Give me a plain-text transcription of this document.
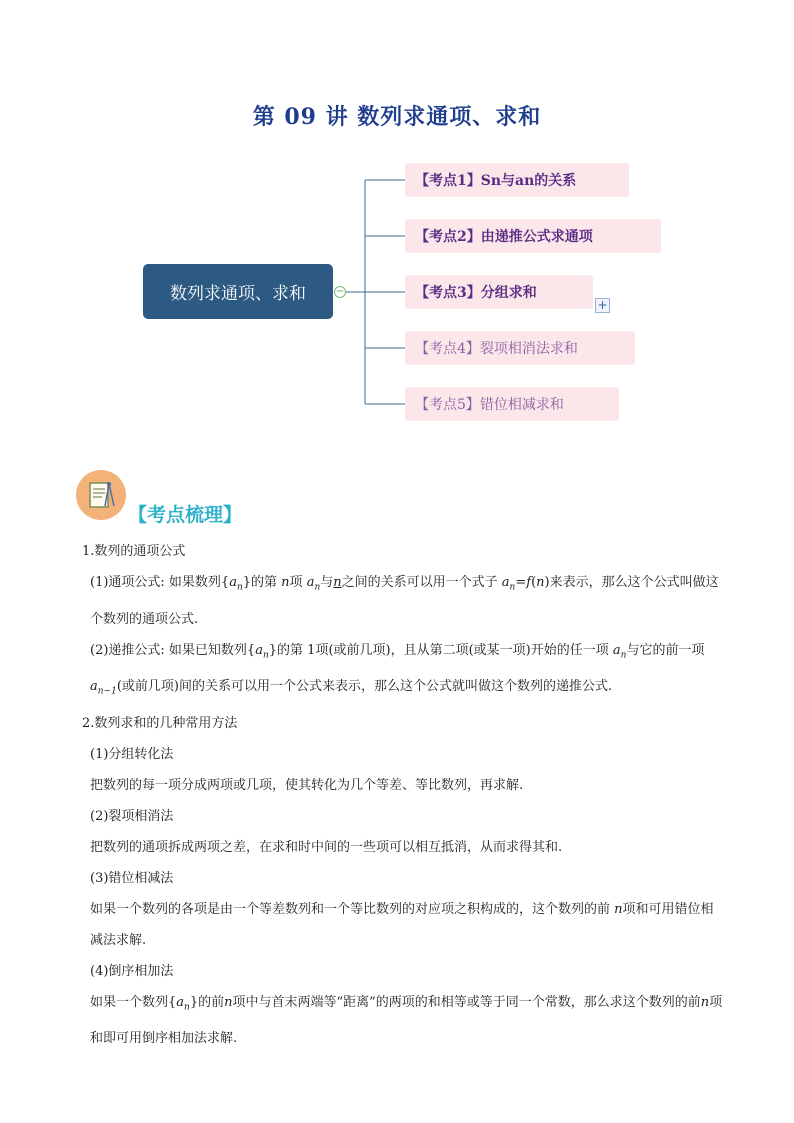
第 09 讲 数列求通项、求和
数列求通项、求和	−
【考点1】Sn与an的关系
【考点2】由递推公式求通项
【考点3】分组求和
+
【考点4】裂项相消法求和
【考点5】错位相减求和
【考点梳理】

1.数列的通项公式

(1)通项公式: 如果数列$\{a_n\}$的第 n项 $a_n$与n之间的关系可以用一个式子 $a_n=f(n)$来表示，那么这个公式叫做这个数列的通项公式.

(2)递推公式: 如果已知数列$\{a_n\}$的第 1项(或前几项)，且从第二项(或某一项)开始的任一项 $a_n$与它的前一项 $a_{n-1}$(或前几项)间的关系可以用一个公式来表示，那么这个公式就叫做这个数列的递推公式.

2.数列求和的几种常用方法

(1)分组转化法

把数列的每一项分成两项或几项，使其转化为几个等差、等比数列，再求解.

(2)裂项相消法

把数列的通项拆成两项之差，在求和时中间的一些项可以相互抵消，从而求得其和.

(3)错位相减法

如果一个数列的各项是由一个等差数列和一个等比数列的对应项之积构成的，这个数列的前 n项和可用错位相减法求解.

(4)倒序相加法

如果一个数列$\{a_n\}$的前n项中与首末两端等“距离”的两项的和相等或等于同一个常数，那么求这个数列的前n项和即可用倒序相加法求解.
